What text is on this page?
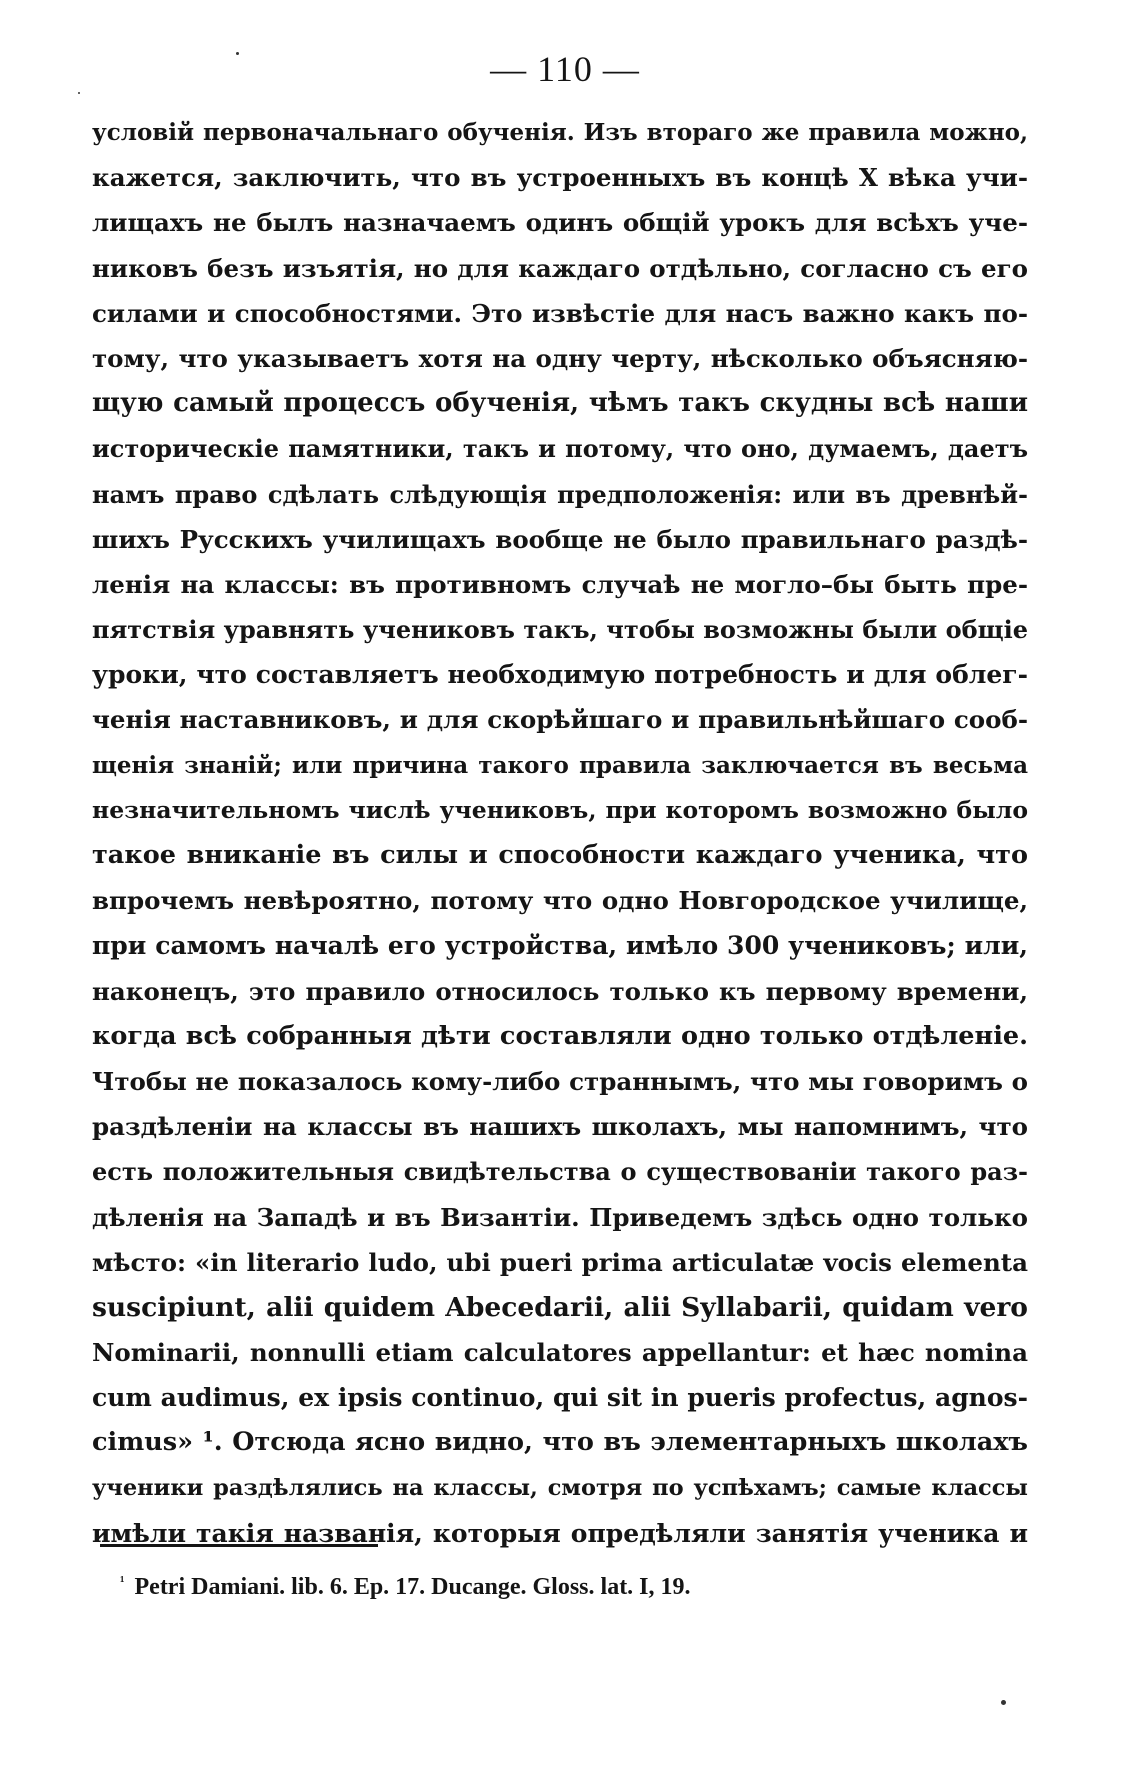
— 110 —
условій первоначальнаго обученія. Изъ втораго же правила можно,
кажется, заключить, что въ устроенныхъ въ концѣ X вѣка учи-
лищахъ не былъ назначаемъ одинъ общій урокъ для всѣхъ уче-
никовъ безъ изъятія, но для каждаго отдѣльно, согласно съ его
силами и способностями. Это извѣстіе для насъ важно какъ по-
тому, что указываетъ хотя на одну черту, нѣсколько объясняю-
щую самый процессъ обученія, чѣмъ такъ скудны всѣ наши
историческіе памятники, такъ и потому, что оно, думаемъ, даетъ
намъ право сдѣлать слѣдующія предположенія: или въ древнѣй-
шихъ Русскихъ училищахъ вообще не было правильнаго раздѣ-
ленія на классы: въ противномъ случаѣ не могло–бы быть пре-
пятствія уравнять учениковъ такъ, чтобы возможны были общіе
уроки, что составляетъ необходимую потребность и для облег-
ченія наставниковъ, и для скорѣйшаго и правильнѣйшаго сооб-
щенія знаній; или причина такого правила заключается въ весьма
незначительномъ числѣ учениковъ, при которомъ возможно было
такое вниканіе въ силы и способности каждаго ученика, что
впрочемъ невѣроятно, потому что одно Новгородское училище,
при самомъ началѣ его устройства, имѣло 300 учениковъ; или,
наконецъ, это правило относилось только къ первому времени,
когда всѣ собранныя дѣти составляли одно только отдѣленіе.
Чтобы не показалось кому-либо страннымъ, что мы говоримъ о
раздѣленіи на классы въ нашихъ школахъ, мы напомнимъ, что
есть положительныя свидѣтельства о существованіи такого раз-
дѣленія на Западѣ и въ Византіи. Приведемъ здѣсь одно только
мѣсто: «in literario ludo, ubi pueri prima articulatæ vocis elementa
suscipiunt, alii quidem Abecedarii, alii Syllabarii, quidam vero
Nominarii, nonnulli etiam calculatores appellantur: et hæc nomina
cum audimus, ex ipsis continuo, qui sit in pueris profectus, agnos-
cimus» ¹. Отсюда ясно видно, что въ элементарныхъ школахъ
ученики раздѣлялись на классы, смотря по успѣхамъ; самые классы
имѣли такія названія, которыя опредѣляли занятія ученика и
$^{^1}$ Petri Damiani. lib. 6. Ep. 17. Ducange. Gloss. lat. I, 19.
